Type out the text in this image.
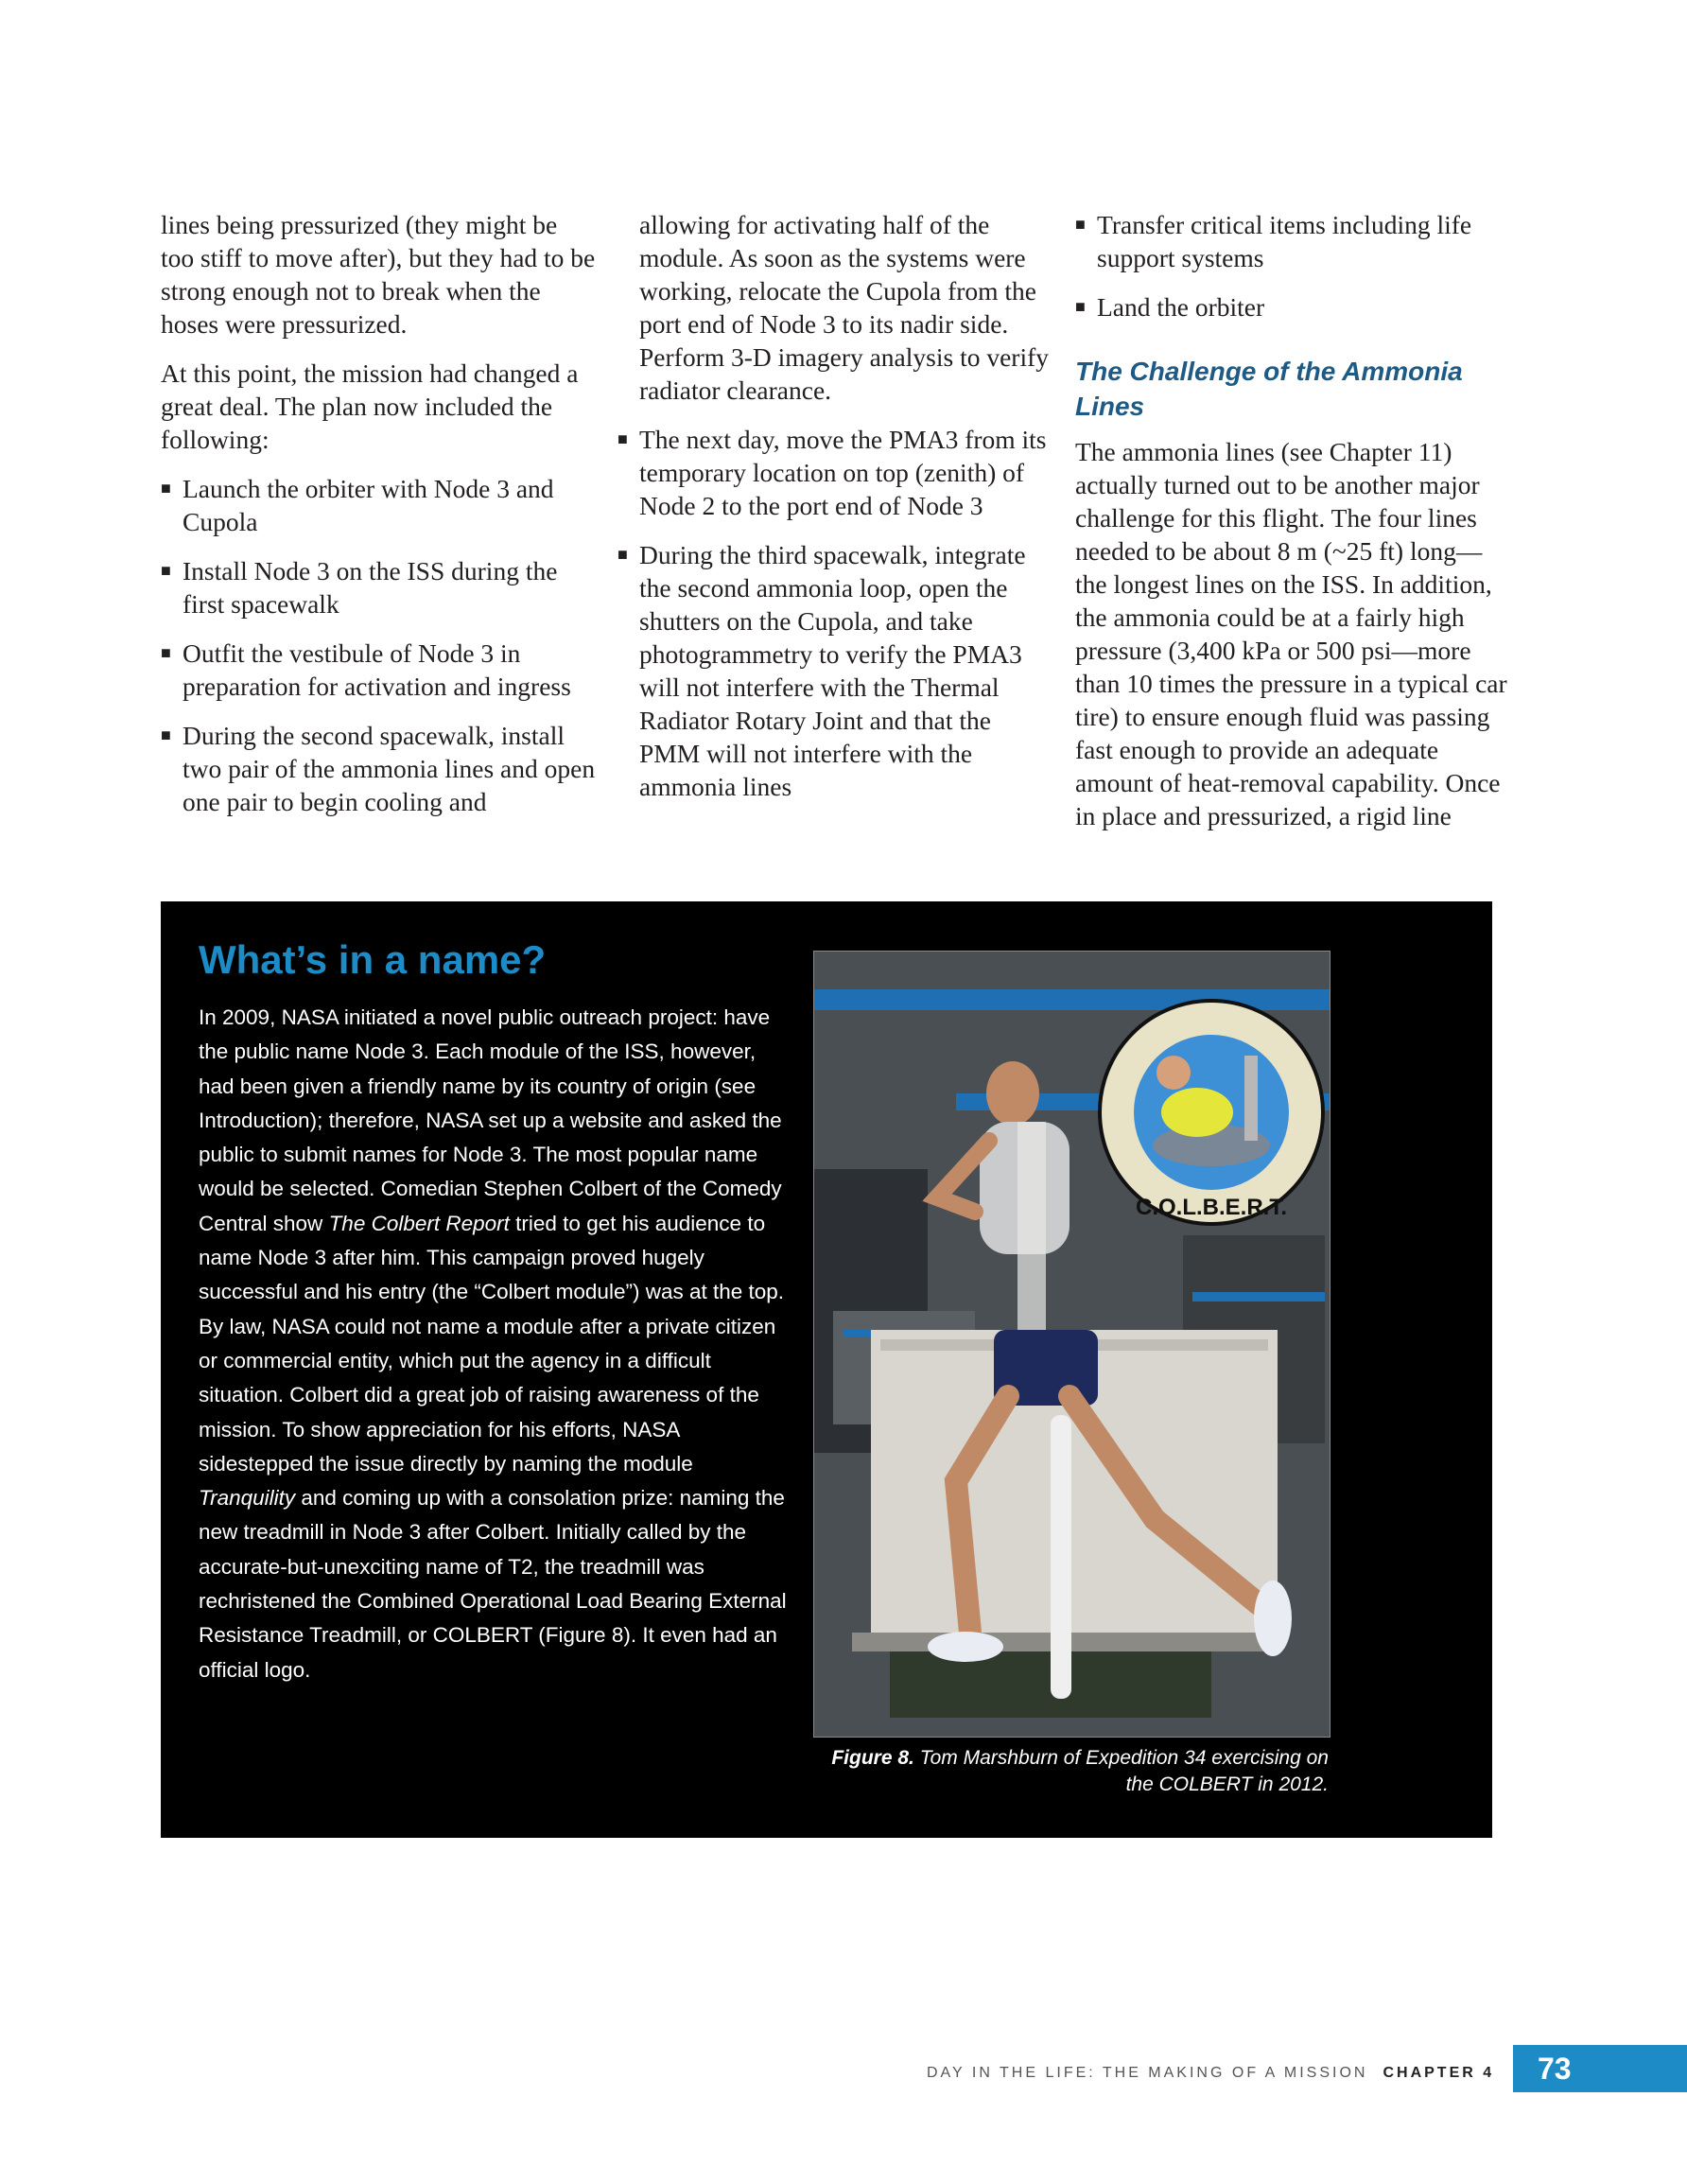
lines being pressurized (they might be too stiff to move after), but they had to be strong enough not to break when the hoses were pressurized.

At this point, the mission had changed a great deal. The plan now included the following:

■ Launch the orbiter with Node 3 and Cupola
■ Install Node 3 on the ISS during the first spacewalk
■ Outfit the vestibule of Node 3 in preparation for activation and ingress
■ During the second spacewalk, install two pair of the ammonia lines and open one pair to begin cooling and

allowing for activating half of the module. As soon as the systems were working, relocate the Cupola from the port end of Node 3 to its nadir side. Perform 3-D imagery analysis to verify radiator clearance.

■ The next day, move the PMA3 from its temporary location on top (zenith) of Node 2 to the port end of Node 3
■ During the third spacewalk, integrate the second ammonia loop, open the shutters on the Cupola, and take photogrammetry to verify the PMA3 will not interfere with the Thermal Radiator Rotary Joint and that the PMM will not interfere with the ammonia lines
■ Transfer critical items including life support systems
■ Land the orbiter
The Challenge of the Ammonia Lines

The ammonia lines (see Chapter 11) actually turned out to be another major challenge for this flight. The four lines needed to be about 8 m (~25 ft) long—the longest lines on the ISS. In addition, the ammonia could be at a fairly high pressure (3,400 kPa or 500 psi—more than 10 times the pressure in a typical car tire) to ensure enough fluid was passing fast enough to provide an adequate amount of heat-removal capability. Once in place and pressurized, a rigid line

What’s in a name?

In 2009, NASA initiated a novel public outreach project: have the public name Node 3. Each module of the ISS, however, had been given a friendly name by its country of origin (see Introduction); therefore, NASA set up a website and asked the public to submit names for Node 3. The most popular name would be selected. Comedian Stephen Colbert of the Comedy Central show The Colbert Report tried to get his audience to name Node 3 after him. This campaign proved hugely successful and his entry (the “Colbert module”) was at the top. By law, NASA could not name a module after a private citizen or commercial entity, which put the agency in a difficult situation. Colbert did a great job of raising awareness of the mission. To show appreciation for his efforts, NASA sidestepped the issue directly by naming the module Tranquility and coming up with a consolation prize: naming the new treadmill in Node 3 after Colbert. Initially called by the accurate-but-unexciting name of T2, the treadmill was rechristened the Combined Operational Load Bearing External Resistance Treadmill, or COLBERT (Figure 8). It even had an official logo.

C.O.L.B.E.R.T.

Figure 8. Tom Marshburn of Expedition 34 exercising on the COLBERT in 2012.

DAY IN THE LIFE: THE MAKING OF A MISSION CHAPTER 4	73
